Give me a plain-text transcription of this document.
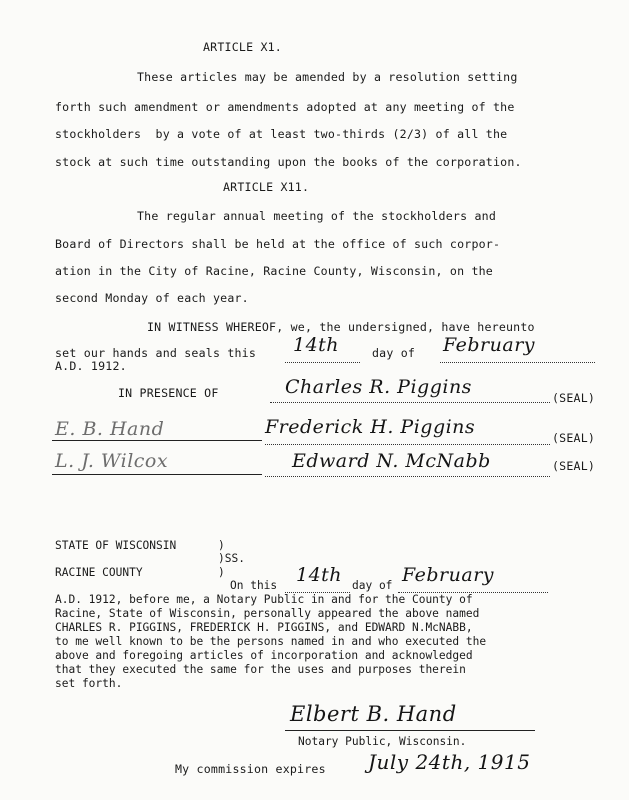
ARTICLE X1.
These articles may be amended by a resolution setting
forth such amendment or amendments adopted at any meeting of the
stockholders  by a vote of at least two-thirds (2/3) of all the
stock at such time outstanding upon the books of the corporation.
ARTICLE X11.
The regular annual meeting of the stockholders and
Board of Directors shall be held at the office of such corpor-
ation in the City of Racine, Racine County, Wisconsin, on the
second Monday of each year.
IN WITNESS WHEREOF, we, the undersigned, have hereunto
set our hands and seals this 14th	day of February
A.D. 1912.
IN PRESENCE OF	Charles R. Piggins	(SEAL)
E. B. Hand	Frederick H. Piggins	(SEAL)
L. J. Wilcox	Edward N. McNabb	(SEAL)
STATE OF WISCONSIN	)
)SS.
RACINE COUNTY	)
On this 14th day of February
A.D. 1912, before me, a Notary Public in and for the County of
Racine, State of Wisconsin, personally appeared the above named
CHARLES R. PIGGINS, FREDERICK H. PIGGINS, and EDWARD N.McNABB,
to me well known to be the persons named in and who executed the
above and foregoing articles of incorporation and acknowledged
that they executed the same for the uses and purposes therein
set forth.
Elbert B. Hand
Notary Public, Wisconsin.
My commission expires July 24th, 1915
